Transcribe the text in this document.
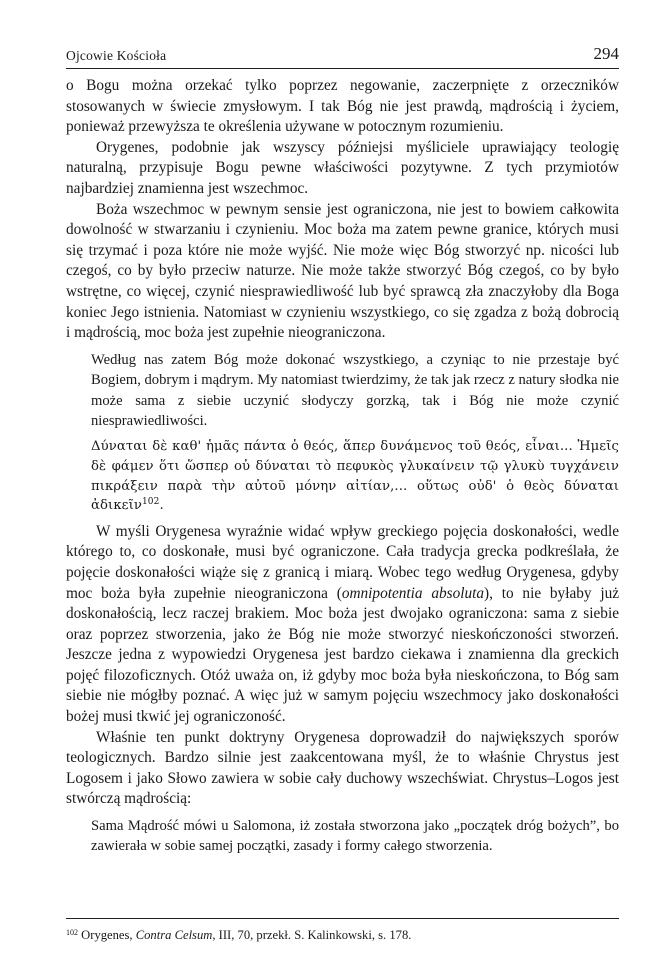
Ojcowie Kościoła	294

o Bogu można orzekać tylko poprzez negowanie, zaczerpnięte z orzeczników stosowanych w świecie zmysłowym. I tak Bóg nie jest prawdą, mądrością i życiem, ponieważ przewyższa te określenia używane w potocznym rozumieniu.

Orygenes, podobnie jak wszyscy późniejsi myśliciele uprawiający teologię naturalną, przypisuje Bogu pewne właściwości pozytywne. Z tych przymiotów najbardziej znamienna jest wszechmoc.

Boża wszechmoc w pewnym sensie jest ograniczona, nie jest to bowiem całkowita dowolność w stwarzaniu i czynieniu. Moc boża ma zatem pewne granice, których musi się trzymać i poza które nie może wyjść. Nie może więc Bóg stworzyć np. nicości lub czegoś, co by było przeciw naturze. Nie może także stworzyć Bóg czegoś, co by było wstrętne, co więcej, czynić niesprawiedliwość lub być sprawcą zła znaczyłoby dla Boga koniec Jego istnienia. Natomiast w czynieniu wszystkiego, co się zgadza z bożą dobrocią i mądrością, moc boża jest zupełnie nieograniczona.

Według nas zatem Bóg może dokonać wszystkiego, a czyniąc to nie przestaje być Bogiem, dobrym i mądrym. My natomiast twierdzimy, że tak jak rzecz z natury słodka nie może sama z siebie uczynić słodyczy gorzką, tak i Bóg nie może czynić niesprawiedliwości.

Δύναται δὲ καθ' ἡμᾶς πάντα ὁ θεός, ἅπερ δυνάμενος τοῦ θεός, εἶναι... Ἡμεῖς δὲ φάμεν ὅτι ὥσπερ οὐ δύναται τὸ πεφυκὸς γλυκαίνειν τῷ γλυκὺ τυγχάνειν πικράξειν παρὰ τὴν αὐτοῦ μόνην αἰτίαν,... οὕτως οὐδ' ὁ θεὸς δύναται ἀδικεῖν$^{102}$.

W myśli Orygenesa wyraźnie widać wpływ greckiego pojęcia doskonałości, wedle którego to, co doskonałe, musi być ograniczone. Cała tradycja grecka podkreślała, że pojęcie doskonałości wiąże się z granicą i miarą. Wobec tego według Orygenesa, gdyby moc boża była zupełnie nieograniczona (omnipotentia absoluta), to nie byłaby już doskonałością, lecz raczej brakiem. Moc boża jest dwojako ograniczona: sama z siebie oraz poprzez stworzenia, jako że Bóg nie może stworzyć nieskończoności stworzeń. Jeszcze jedna z wypowiedzi Orygenesa jest bardzo ciekawa i znamienna dla greckich pojęć filozoficznych. Otóż uważa on, iż gdyby moc boża była nieskończona, to Bóg sam siebie nie mógłby poznać. A więc już w samym pojęciu wszechmocy jako doskonałości bożej musi tkwić jej ograniczoność.

Właśnie ten punkt doktryny Orygenesa doprowadził do największych sporów teologicznych. Bardzo silnie jest zaakcentowana myśl, że to właśnie Chrystus jest Logosem i jako Słowo zawiera w sobie cały duchowy wszechświat. Chrystus–Logos jest stwórczą mądrością:

Sama Mądrość mówi u Salomona, iż została stworzona jako „początek dróg bożych”, bo zawierała w sobie samej początki, zasady i formy całego stworzenia.

$^{102}$ Orygenes, Contra Celsum, III, 70, przekł. S. Kalinkowski, s. 178.
